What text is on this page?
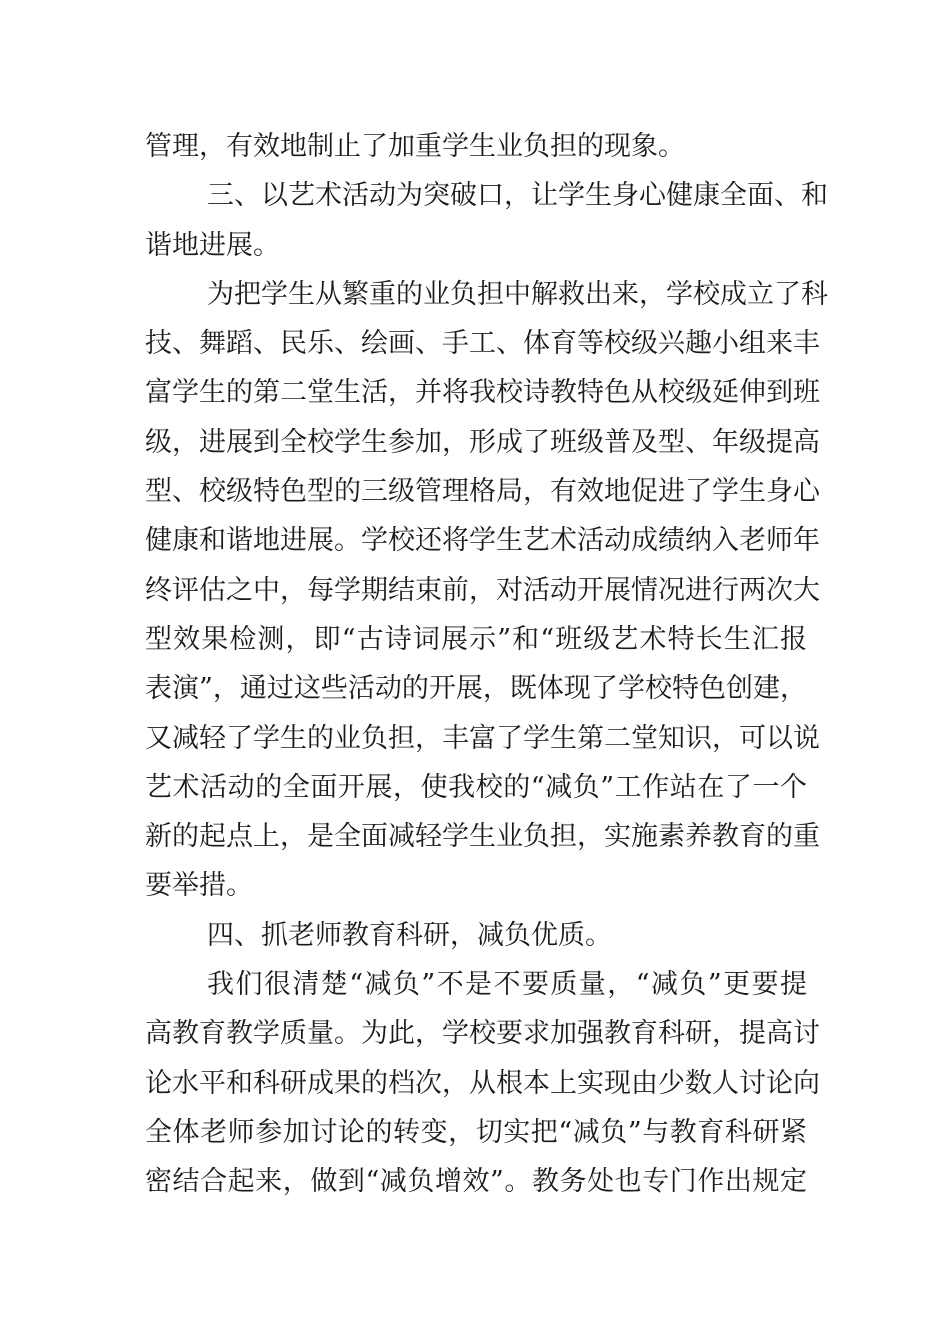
管理，有效地制止了加重学生业负担的现象。
三、以艺术活动为突破口，让学生身心健康全面、和
谐地进展。
为把学生从繁重的业负担中解救出来，学校成立了科
技、舞蹈、民乐、绘画、手工、体育等校级兴趣小组来丰
富学生的第二堂生活，并将我校诗教特色从校级延伸到班
级，进展到全校学生参加，形成了班级普及型、年级提高
型、校级特色型的三级管理格局，有效地促进了学生身心
健康和谐地进展。学校还将学生艺术活动成绩纳入老师年
终评估之中，每学期结束前，对活动开展情况进行两次大
型效果检测，即“古诗词展示”和“班级艺术特长生汇报
表演”，通过这些活动的开展，既体现了学校特色创建，
又减轻了学生的业负担，丰富了学生第二堂知识，可以说
艺术活动的全面开展，使我校的“减负”工作站在了一个
新的起点上，是全面减轻学生业负担，实施素养教育的重
要举措。
四、抓老师教育科研，减负优质。
我们很清楚“减负”不是不要质量，“减负”更要提
高教育教学质量。为此，学校要求加强教育科研，提高讨
论水平和科研成果的档次，从根本上实现由少数人讨论向
全体老师参加讨论的转变，切实把“减负”与教育科研紧
密结合起来，做到“减负增效”。教务处也专门作出规定
